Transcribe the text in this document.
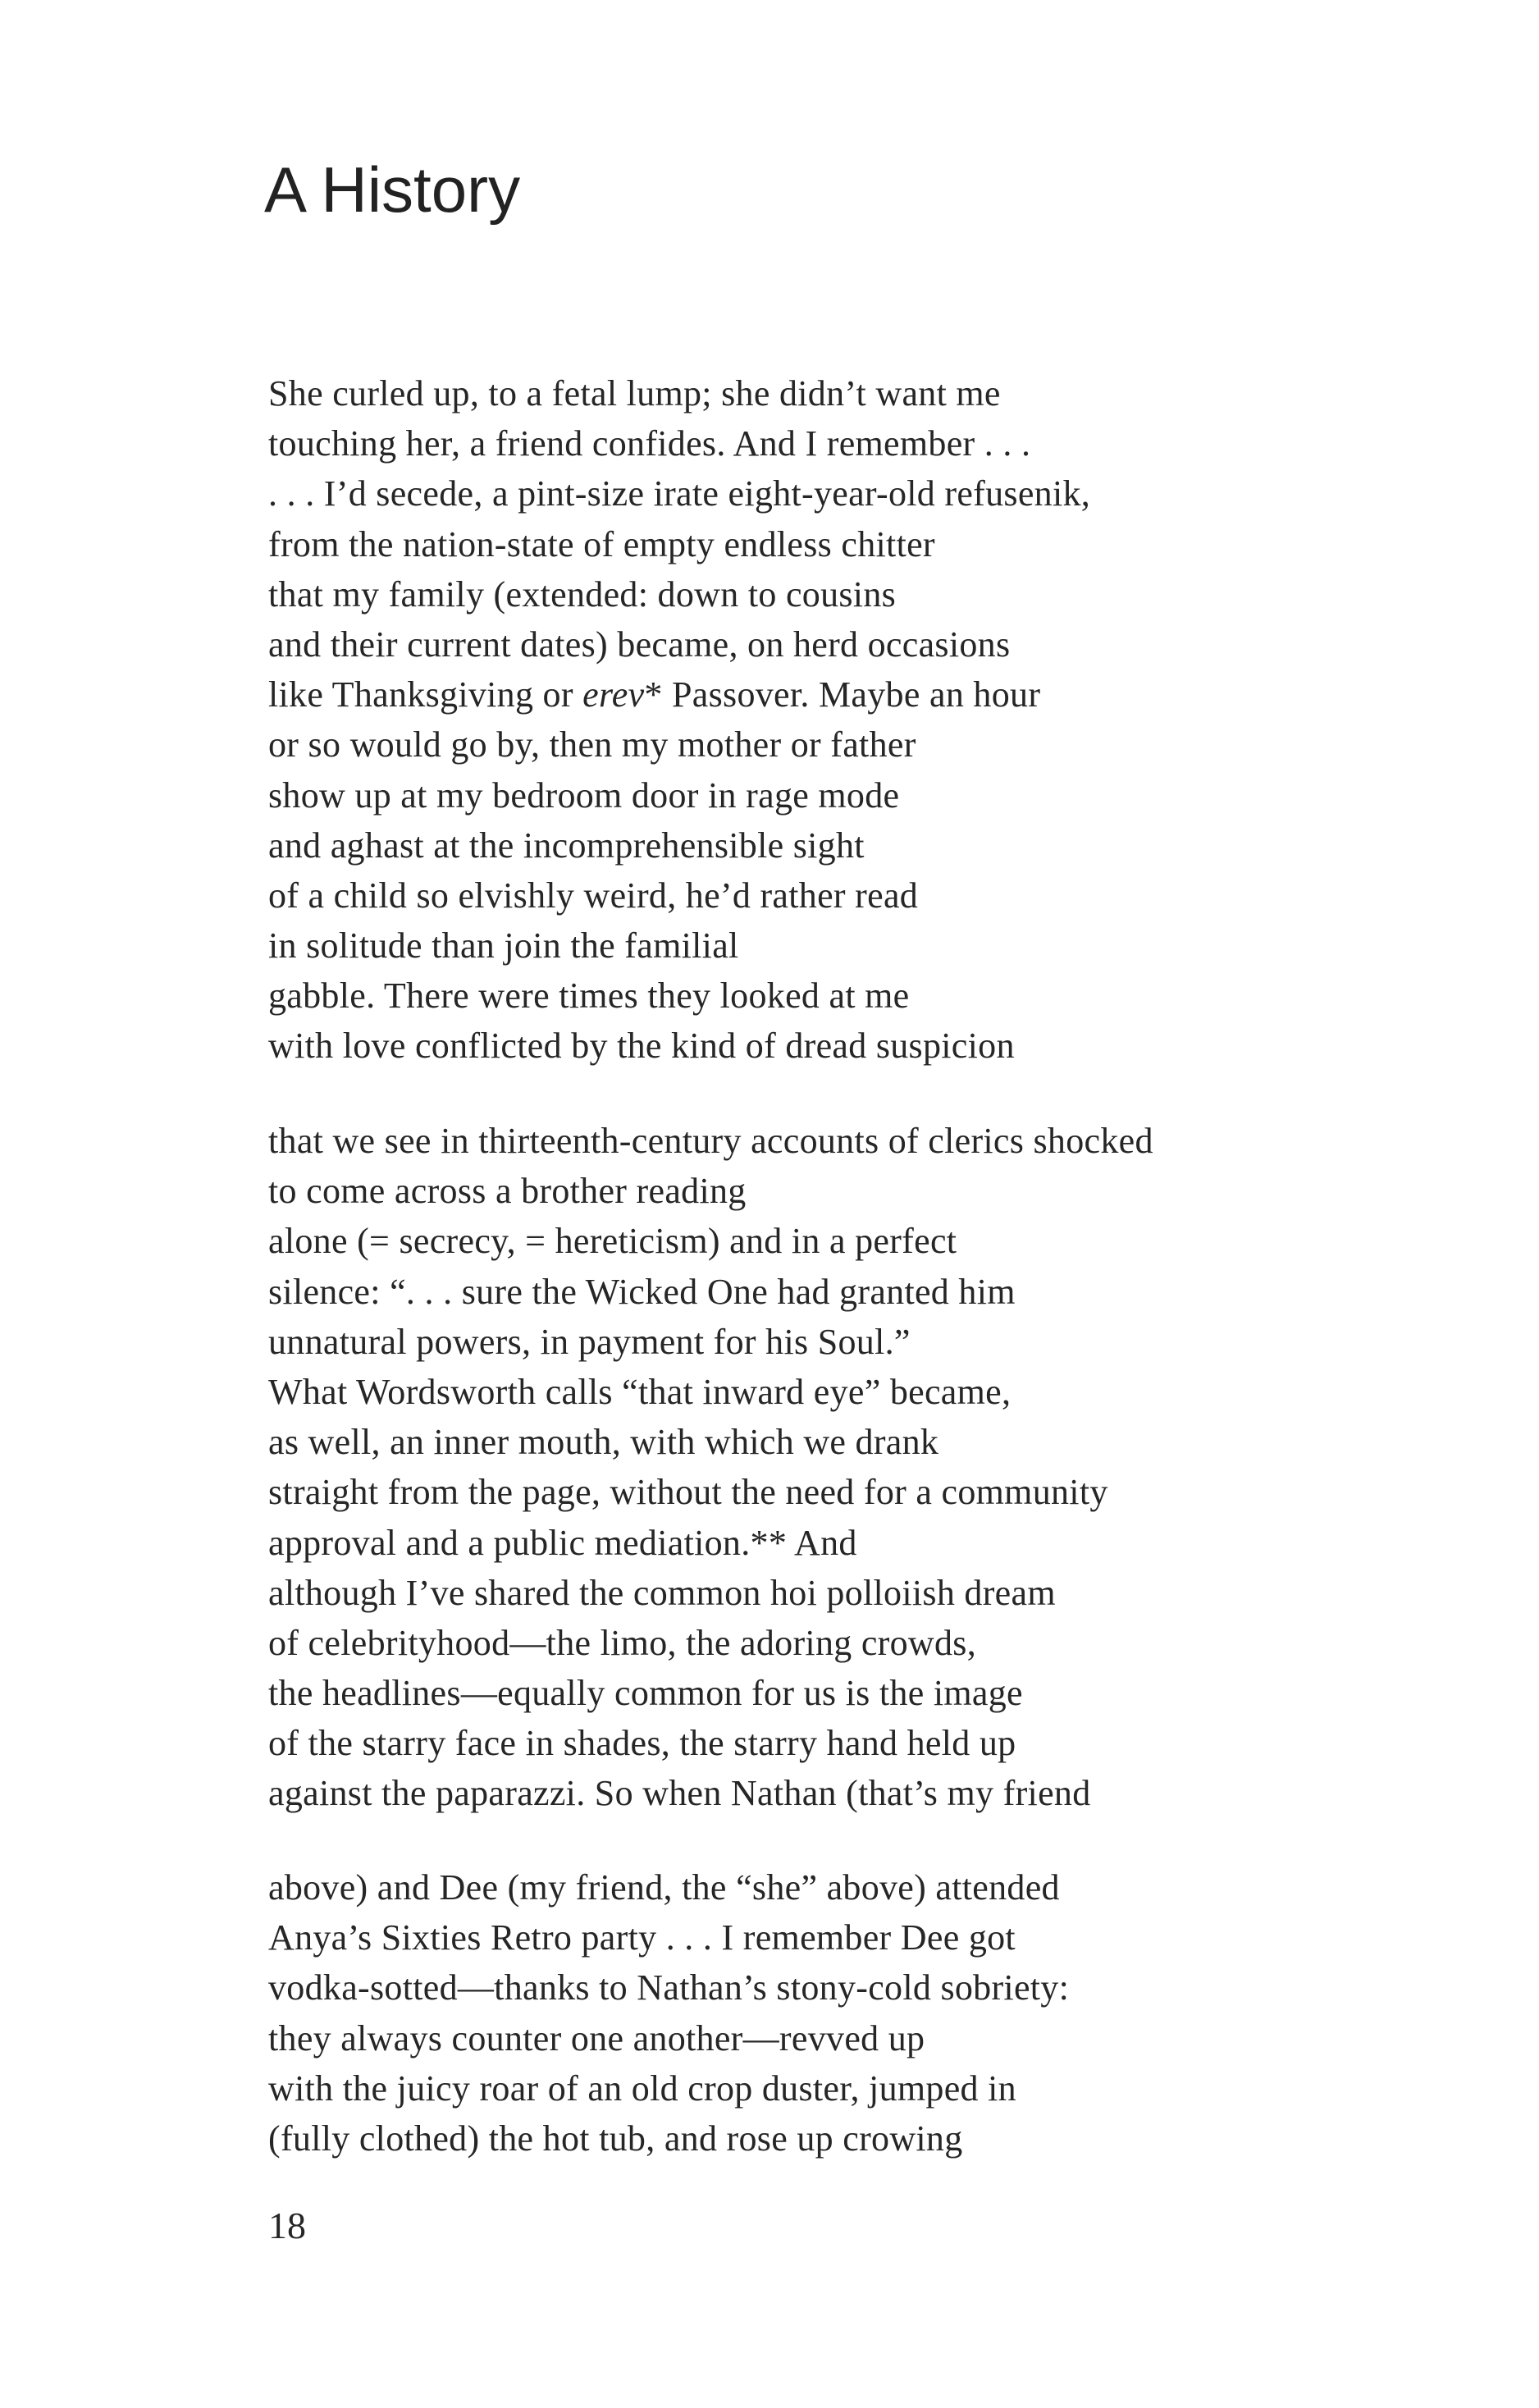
A History
She curled up, to a fetal lump; she didn’t want me
touching her, a friend confides. And I remember . . .
. . . I’d secede, a pint-size irate eight-year-old refusenik,
from the nation-state of empty endless chitter
that my family (extended: down to cousins
and their current dates) became, on herd occasions
like Thanksgiving or erev* Passover. Maybe an hour
or so would go by, then my mother or father
show up at my bedroom door in rage mode
and aghast at the incomprehensible sight
of a child so elvishly weird, he’d rather read
in solitude than join the familial
gabble. There were times they looked at me
with love conflicted by the kind of dread suspicion
that we see in thirteenth-century accounts of clerics shocked
to come across a brother reading
alone (= secrecy, = hereticism) and in a perfect
silence: “. . . sure the Wicked One had granted him
unnatural powers, in payment for his Soul.”
What Wordsworth calls “that inward eye” became,
as well, an inner mouth, with which we drank
straight from the page, without the need for a community
approval and a public mediation.** And
although I’ve shared the common hoi polloiish dream
of celebrityhood—the limo, the adoring crowds,
the headlines—equally common for us is the image
of the starry face in shades, the starry hand held up
against the paparazzi. So when Nathan (that’s my friend
above) and Dee (my friend, the “she” above) attended
Anya’s Sixties Retro party . . . I remember Dee got
vodka-sotted—thanks to Nathan’s stony-cold sobriety:
they always counter one another—revved up
with the juicy roar of an old crop duster, jumped in
(fully clothed) the hot tub, and rose up crowing
18
